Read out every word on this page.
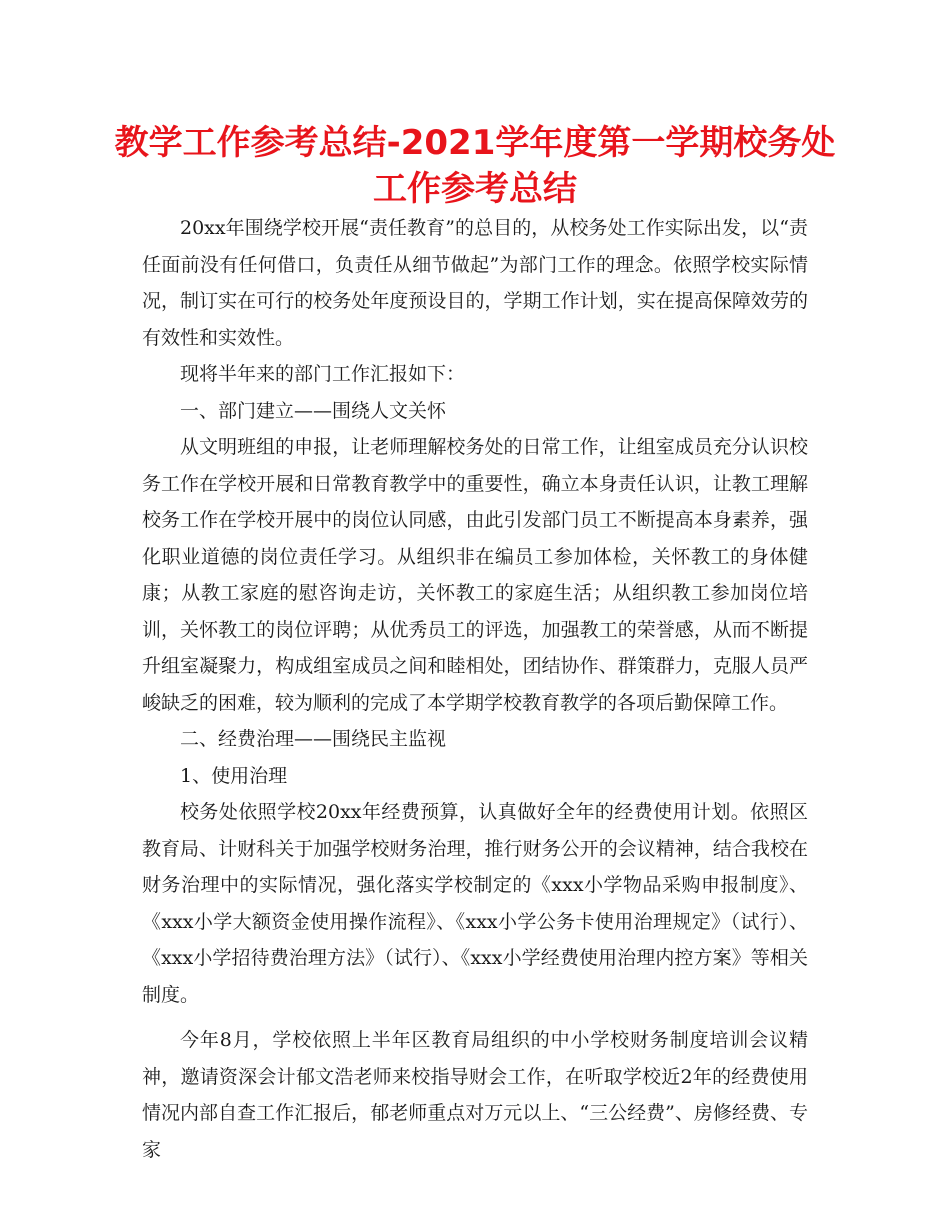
教学工作参考总结-2021学年度第一学期校务处工作参考总结

20xx年围绕学校开展“责任教育”的总目的，从校务处工作实际出发，以“责任面前没有任何借口，负责任从细节做起”为部门工作的理念。依照学校实际情况，制订实在可行的校务处年度预设目的，学期工作计划，实在提高保障效劳的有效性和实效性。

现将半年来的部门工作汇报如下：

一、部门建立——围绕人文关怀

从文明班组的申报，让老师理解校务处的日常工作，让组室成员充分认识校务工作在学校开展和日常教育教学中的重要性，确立本身责任认识，让教工理解校务工作在学校开展中的岗位认同感，由此引发部门员工不断提高本身素养，强化职业道德的岗位责任学习。从组织非在编员工参加体检，关怀教工的身体健康；从教工家庭的慰咨询走访，关怀教工的家庭生活；从组织教工参加岗位培训，关怀教工的岗位评聘；从优秀员工的评选，加强教工的荣誉感，从而不断提升组室凝聚力，构成组室成员之间和睦相处，团结协作、群策群力，克服人员严峻缺乏的困难，较为顺利的完成了本学期学校教育教学的各项后勤保障工作。

二、经费治理——围绕民主监视

1、使用治理

校务处依照学校20xx年经费预算，认真做好全年的经费使用计划。依照区教育局、计财科关于加强学校财务治理，推行财务公开的会议精神，结合我校在财务治理中的实际情况，强化落实学校制定的《xxx小学物品采购申报制度》、《xxx小学大额资金使用操作流程》、《xxx小学公务卡使用治理规定》（试行）、《xxx小学招待费治理方法》（试行）、《xxx小学经费使用治理内控方案》等相关制度。

今年8月，学校依照上半年区教育局组织的中小学校财务制度培训会议精神，邀请资深会计郁文浩老师来校指导财会工作，在听取学校近2年的经费使用情况内部自查工作汇报后，郁老师重点对万元以上、“三公经费”、房修经费、专家
